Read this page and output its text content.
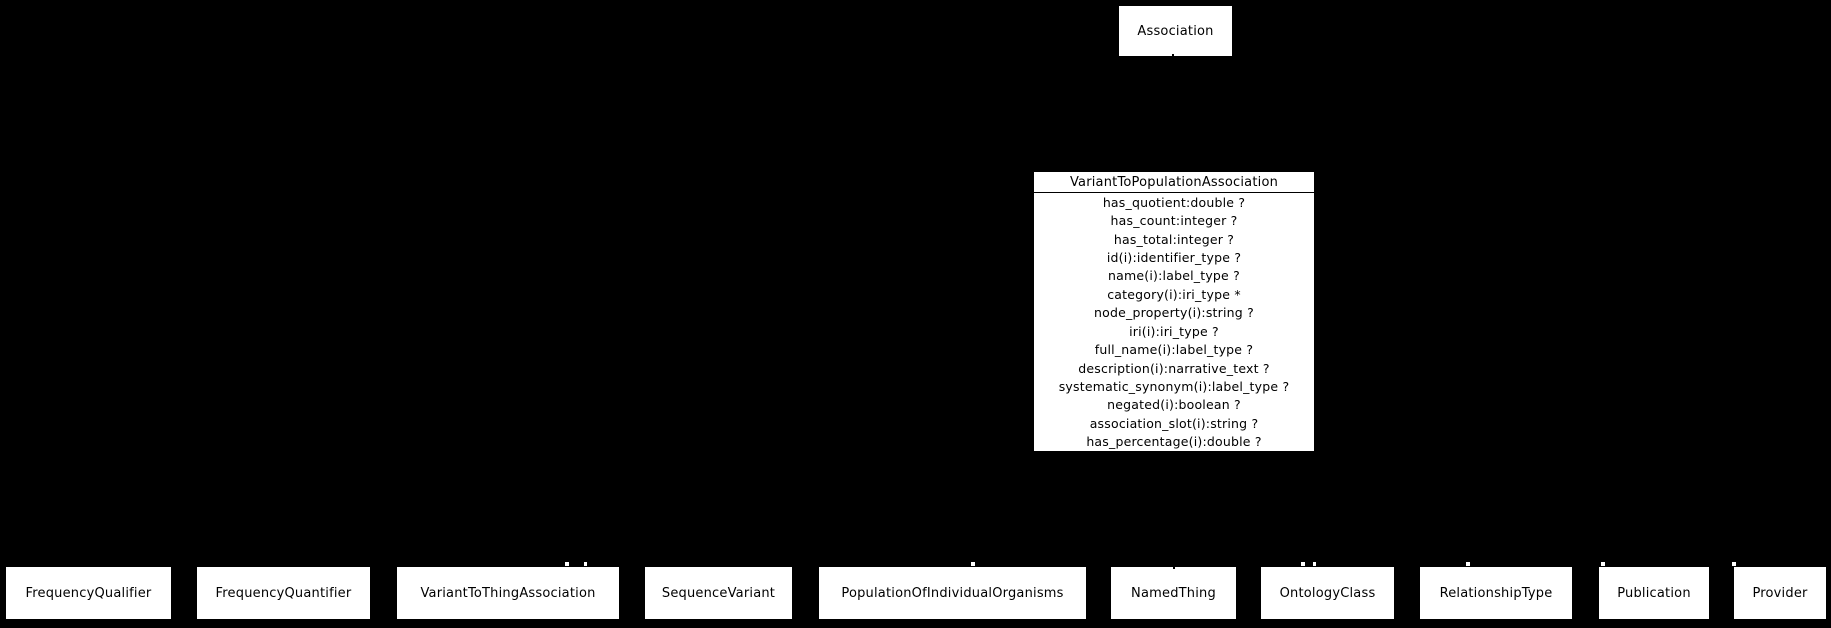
Association
VariantToPopulationAssociation
has_quotient:double ?
has_count:integer ?
has_total:integer ?
id(i):identifier_type ?
name(i):label_type ?
category(i):iri_type *
node_property(i):string ?
iri(i):iri_type ?
full_name(i):label_type ?
description(i):narrative_text ?
systematic_synonym(i):label_type ?
negated(i):boolean ?
association_slot(i):string ?
has_percentage(i):double ?
FrequencyQualifier	FrequencyQuantifier	VariantToThingAssociation	SequenceVariant	PopulationOfIndividualOrganisms	NamedThing	OntologyClass	RelationshipType	Publication	Provider
